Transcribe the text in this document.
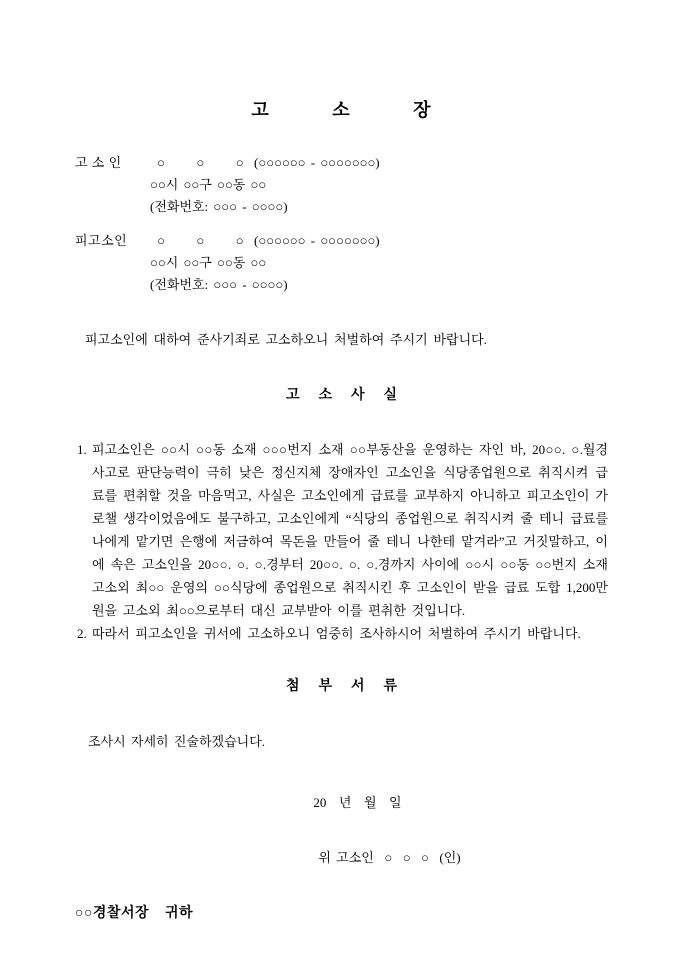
고     소     장
고 소 인	○      ○      ○  (○○○○○○ - ○○○○○○○)
○○시 ○○구 ○○동 ○○
(전화번호: ○○○ - ○○○○)
피고소인	○      ○      ○  (○○○○○○ - ○○○○○○○)
○○시 ○○구 ○○동 ○○
(전화번호: ○○○ - ○○○○)

피고소인에 대하여 준사기죄로 고소하오니 처벌하여 주시기 바랍니다.

고  소  사  실
1. 피고소인은 ○○시 ○○동 소재 ○○○번지 소재 ○○부동산을 운영하는 자인 바, 20○○. ○.월경 사고로 판단능력이 극히 낮은 정신지체 장애자인 고소인을 식당종업원으로 취직시켜 급료를 편취할 것을 마음먹고, 사실은 고소인에게 급료를 교부하지 아니하고 피고소인이 가로챌 생각이었음에도 불구하고, 고소인에게 “식당의 종업원으로 취직시켜 줄 테니 급료를 나에게 맡기면 은행에 저금하여 목돈을 만들어 줄 테니 나한테 맡겨라”고 거짓말하고, 이에 속은 고소인을 20○○. ○. ○.경부터 20○○. ○. ○.경까지 사이에 ○○시 ○○동 ○○번지 소재 고소외 최○○ 운영의 ○○식당에 종업원으로 취직시킨 후 고소인이 받을 급료 도합 1,200만원을 고소외 최○○으로부터 대신 교부받아 이를 편취한 것입니다.
2. 따라서 피고소인을 귀서에 고소하오니 엄중히 조사하시어 처벌하여 주시기 바랍니다.
첨  부  서  류

조사시 자세히 진술하겠습니다.

20  년  월  일

위 고소인  ○  ○  ○  (인)

○○경찰서장    귀하
